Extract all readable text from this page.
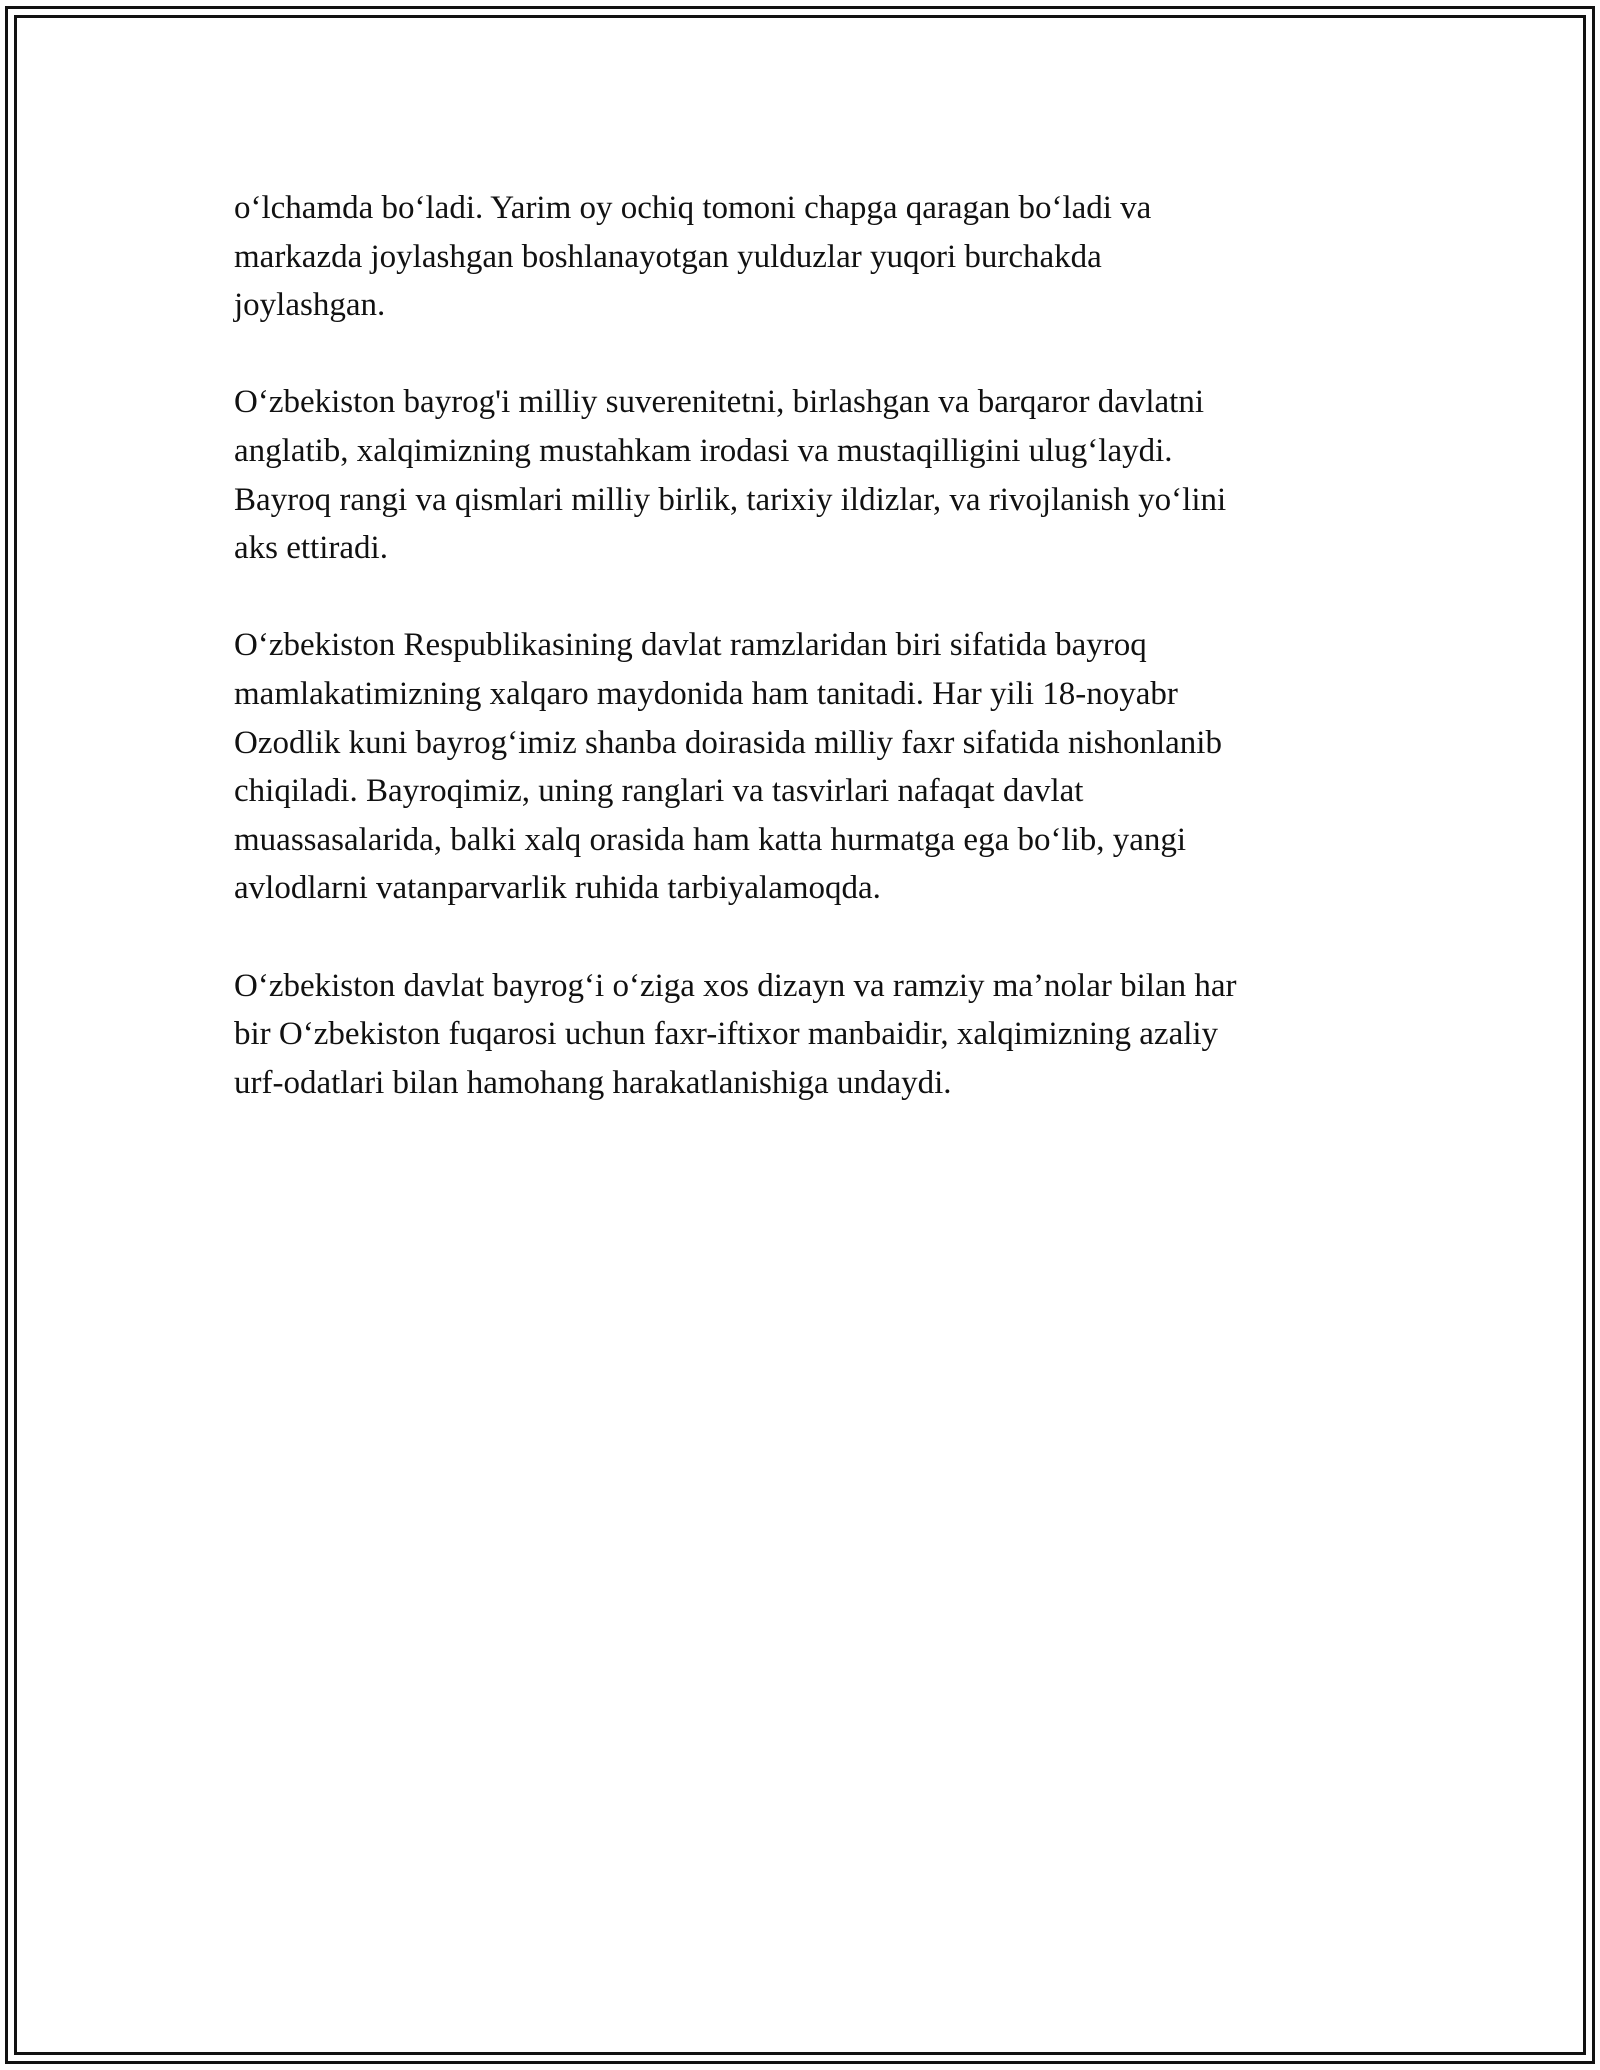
o‘lchamda bo‘ladi. Yarim oy ochiq tomoni chapga qaragan bo‘ladi va
markazda joylashgan boshlanayotgan yulduzlar yuqori burchakda
joylashgan.

O‘zbekiston bayrog'i milliy suverenitetni, birlashgan va barqaror davlatni
anglatib, xalqimizning mustahkam irodasi va mustaqilligini ulug‘laydi.
Bayroq rangi va qismlari milliy birlik, tarixiy ildizlar, va rivojlanish yo‘lini
aks ettiradi.

O‘zbekiston Respublikasining davlat ramzlaridan biri sifatida bayroq
mamlakatimizning xalqaro maydonida ham tanitadi. Har yili 18-noyabr
Ozodlik kuni bayrog‘imiz shanba doirasida milliy faxr sifatida nishonlanib
chiqiladi. Bayroqimiz, uning ranglari va tasvirlari nafaqat davlat
muassasalarida, balki xalq orasida ham katta hurmatga ega bo‘lib, yangi
avlodlarni vatanparvarlik ruhida tarbiyalamoqda.

O‘zbekiston davlat bayrog‘i o‘ziga xos dizayn va ramziy ma’nolar bilan har
bir O‘zbekiston fuqarosi uchun faxr-iftixor manbaidir, xalqimizning azaliy
urf-odatlari bilan hamohang harakatlanishiga undaydi.
